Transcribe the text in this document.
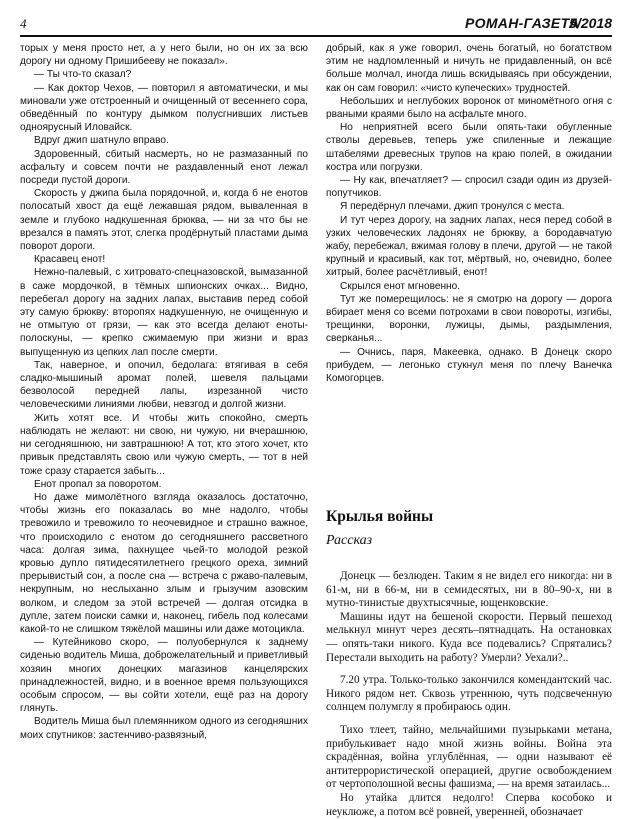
4	РОМАН-ГАЗЕТА
5/2018

торых у меня просто нет, а у него были, но он их за всю дорогу ни одному Пришибееву не показал».

— Ты что-то сказал?

— Как доктор Чехов, — повторил я автоматически, и мы миновали уже отстроенный и очищенный от весеннего сора, обведённый по контуру дымком полусгнивших листьев одноярусный Иловайск.

Вдруг джип шатнуло вправо.

Здоровенный, сбитый насмерть, но не размазанный по асфальту и совсем почти не раздавленный енот лежал посреди пустой дороги.

Скорость у джипа была порядочной, и, когда б не енотов полосатый хвост да ещё лежавшая рядом, вываленная в земле и глубоко надкушенная брюква, — ни за что бы не врезался в память этот, слегка продёрнутый пластами дыма поворот дороги.

Красавец енот!

Нежно-палевый, с хитровато-спецназовской, вымазанной в саже мордочкой, в тёмных шпионских очках... Видно, перебегал дорогу на задних лапах, выставив перед собой эту самую брюкву: второпях надкушенную, не очищенную и не отмытую от грязи, — как это всегда делают еноты-полоскуны, — крепко сжимаемую при жизни и враз выпущенную из цепких лап после смерти.

Так, наверное, и опочил, бедолага: втягивая в себя сладко-мышиный аромат полей, шевеля пальцами безволосой передней лапы, изрезанной чисто человеческими линиями любви, невзгод и долгой жизни.

Жить хотят все. И чтобы жить спокойно, смерть наблюдать не желают: ни свою, ни чужую, ни вчерашнюю, ни сегодняшнюю, ни завтрашнюю! А тот, кто этого хочет, кто привык представлять свою или чужую смерть, — тот в ней тоже сразу старается забыть...

Енот пропал за поворотом.

Но даже мимолётного взгляда оказалось достаточно, чтобы жизнь его показалась во мне надолго, чтобы тревожило и тревожило то неочевидное и страшно важное, что происходило с енотом до сегодняшнего рассветного часа: долгая зима, пахнущее чьей-то молодой резкой кровью дупло пятидесятилетнего грецкого ореха, зимний прерывистый сон, а после сна — встреча с ржаво-палевым, некрупным, но неслыханно злым и грызучим азовским волком, и следом за этой встречей — долгая отсидка в дупле, затем поиски самки и, наконец, гибель под колесами какой-то не слишком тяжёлой машины или даже мотоцикла.

— Кутейниково скоро, — полуобернулся к заднему сиденью водитель Миша, доброжелательный и приветливый хозяин многих донецких магазинов канцелярских принадлежностей, видно, и в военное время пользующихся особым спросом, — вы сойти хотели, ещё раз на дорогу глянуть.

Водитель Миша был племянником одного из сегодняшних моих спутников: застенчиво-развязный,

добрый, как я уже говорил, очень богатый, но богатством этим не надломленный и ничуть не придавленный, он всё больше молчал, иногда лишь вскидываясь при обсуждении, как он сам говорил: «чисто купеческих» трудностей.

Небольших и неглубоких воронок от миномётного огня с рваными краями было на асфальте много.

Но неприятней всего были опять-таки обугленные стволы деревьев, теперь уже спиленные и лежащие штабелями древесных трупов на краю полей, в ожидании костра или погрузки.

— Ну как, впечатляет? — спросил сзади один из друзей-попутчиков.

Я передёрнул плечами, джип тронулся с места.

И тут через дорогу, на задних лапах, неся перед собой в узких человеческих ладонях не брюкву, а бородавчатую жабу, перебежал, вжимая голову в плечи, другой — не такой крупный и красивый, как тот, мёртвый, но, очевидно, более хитрый, более расчётливый, енот!

Скрылся енот мгновенно.

Тут же померещилось: не я смотрю на дорогу — дорога вбирает меня со всеми потрохами в свои повороты, изгибы, трещинки, воронки, лужицы, дымы, раздымления, сверканья...

— Очнись, паря, Макеевка, однако. В Донецк скоро прибудем, — легонько стукнул меня по плечу Ванечка Комогорцев.

Крылья войны
Рассказ

Донецк — безлюден. Таким я не видел его никогда: ни в 61-м, ни в 66-м, ни в семидесятых, ни в 80–90-х, ни в мутно-тинистые двухтысячные, ющенковские.

Машины идут на бешеной скорости. Первый пешеход мелькнул минут через десять–пятнадцать. На остановках — опять-таки никого. Куда все подевались? Спрятались? Перестали выходить на работу? Умерли? Уехали?..

7.20 утра. Только-только закончился комендантский час. Никого рядом нет. Сквозь утреннюю, чуть подсвеченную солнцем полумглу я пробираюсь один.

Тихо тлеет, тайно, мельчайшими пузырьками метана, прибулькивает надо мной жизнь войны. Война эта скрадённая, война углублённая, — одни называют её антитеррористической операцией, другие освобождением от чертополошной весны фашизма, — на время затаилась...

Но утайка длится недолго! Сперва кособоко и неуклюже, а потом всё ровней, уверенней, обозначает
